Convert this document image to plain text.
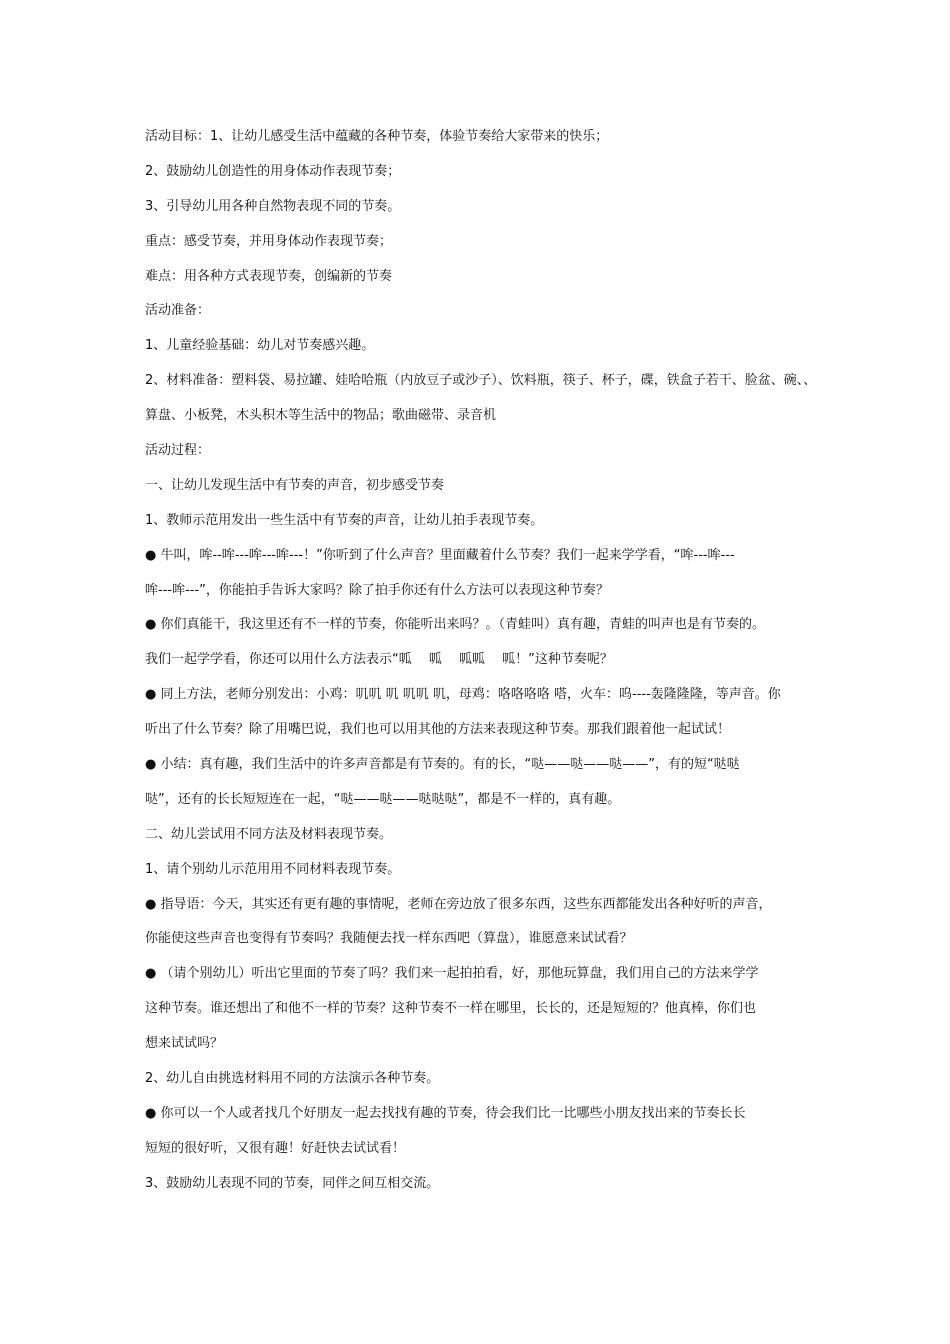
活动目标：1、让幼儿感受生活中蕴藏的各种节奏，体验节奏给大家带来的快乐；
2、鼓励幼儿创造性的用身体动作表现节奏；
3、引导幼儿用各种自然物表现不同的节奏。
重点：感受节奏，并用身体动作表现节奏；
难点：用各种方式表现节奏，创编新的节奏
活动准备：
1、儿童经验基础：幼儿对节奏感兴趣。
2、材料准备：塑料袋、易拉罐、娃哈哈瓶（内放豆子或沙子）、饮料瓶，筷子、杯子，碟，铁盒子若干、脸盆、碗、、
算盘、小板凳，木头积木等生活中的物品；歌曲磁带、录音机
活动过程：
一、让幼儿发现生活中有节奏的声音，初步感受节奏
1、教师示范用发出一些生活中有节奏的声音，让幼儿拍手表现节奏。
● 牛叫，哞--哞---哞---哞---！”你听到了什么声音？里面藏着什么节奏？我们一起来学学看，“哞---哞---
哞---哞---”，你能拍手告诉大家吗？除了拍手你还有什么方法可以表现这种节奏？
● 你们真能干，我这里还有不一样的节奏，你能听出来吗？。（青蛙叫）真有趣，青蛙的叫声也是有节奏的。
我们一起学学看，你还可以用什么方法表示“呱　 呱　 呱呱　 呱！”这种节奏呢？
● 同上方法，老师分别发出：小鸡：叽叽 叽 叽叽 叽，母鸡：咯咯咯咯 嗒，火车：呜----轰隆隆隆，等声音。你
听出了什么节奏？除了用嘴巴说，我们也可以用其他的方法来表现这种节奏。那我们跟着他一起试试！
● 小结：真有趣，我们生活中的许多声音都是有节奏的。有的长，“哒——哒——哒——”，有的短“哒哒
哒”，还有的长长短短连在一起，“哒——哒——哒哒哒”，都是不一样的，真有趣。
二、幼儿尝试用不同方法及材料表现节奏。
1、请个别幼儿示范用用不同材料表现节奏。
● 指导语：今天，其实还有更有趣的事情呢，老师在旁边放了很多东西，这些东西都能发出各种好听的声音，
你能使这些声音也变得有节奏吗？我随便去找一样东西吧（算盘），谁愿意来试试看？
● （请个别幼儿）听出它里面的节奏了吗？我们来一起拍拍看，好，那他玩算盘，我们用自己的方法来学学
这种节奏。谁还想出了和他不一样的节奏？这种节奏不一样在哪里，长长的，还是短短的？他真棒，你们也
想来试试吗？
2、幼儿自由挑选材料用不同的方法演示各种节奏。
● 你可以一个人或者找几个好朋友一起去找找有趣的节奏，待会我们比一比哪些小朋友找出来的节奏长长
短短的很好听，又很有趣！好赶快去试试看！
3、鼓励幼儿表现不同的节奏，同伴之间互相交流。
